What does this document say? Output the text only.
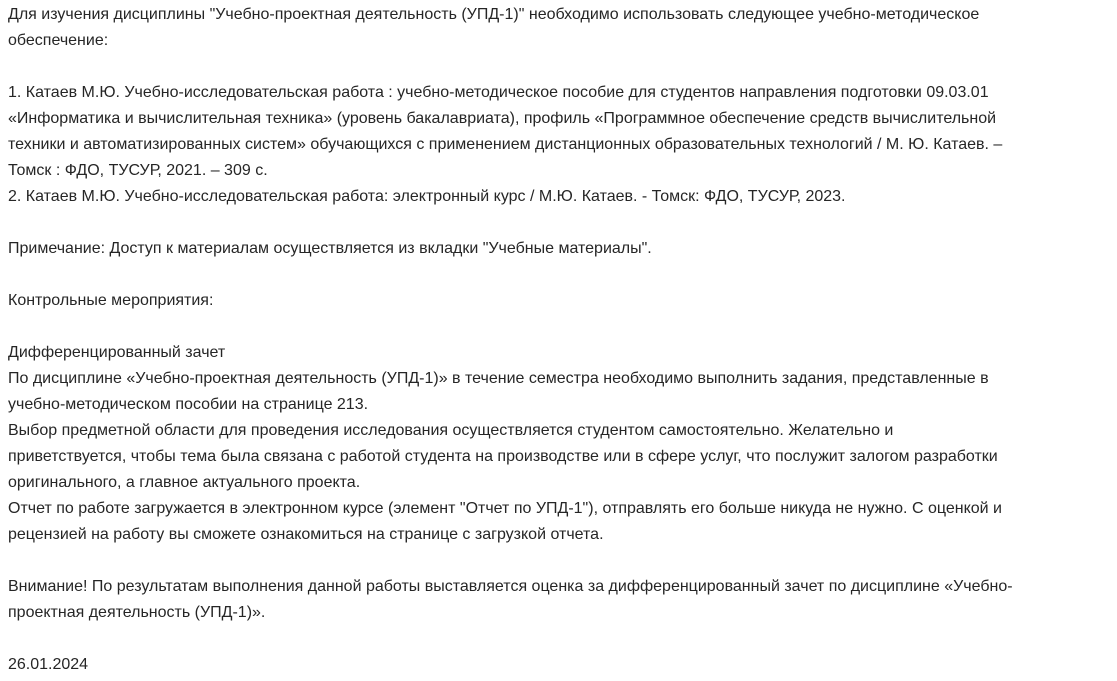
Для изучения дисциплины "Учебно-проектная деятельность (УПД-1)" необходимо использовать следующее учебно-методическое

обеспечение:

1. Катаев М.Ю. Учебно-исследовательская работа : учебно-методическое пособие для студентов направления подготовки 09.03.01

«Информатика и вычислительная техника» (уровень бакалавриата), профиль «Программное обеспечение средств вычислительной

техники и автоматизированных систем» обучающихся с применением дистанционных образовательных технологий / М. Ю. Катаев. –

Томск : ФДО, ТУСУР, 2021. – 309 с.

2. Катаев М.Ю. Учебно-исследовательская работа: электронный курс / М.Ю. Катаев. - Томск: ФДО, ТУСУР, 2023.

Примечание: Доступ к материалам осуществляется из вкладки "Учебные материалы".

Контрольные мероприятия:

Дифференцированный зачет

По дисциплине «Учебно-проектная деятельность (УПД-1)» в течение семестра необходимо выполнить задания, представленные в

учебно-методическом пособии на странице 213.

Выбор предметной области для проведения исследования осуществляется студентом самостоятельно. Желательно и

приветствуется, чтобы тема была связана с работой студента на производстве или в сфере услуг, что послужит залогом разработки

оригинального, а главное актуального проекта.

Отчет по работе загружается в электронном курсе (элемент "Отчет по УПД-1"), отправлять его больше никуда не нужно. С оценкой и

рецензией на работу вы сможете ознакомиться на странице с загрузкой отчета.

Внимание! По результатам выполнения данной работы выставляется оценка за дифференцированный зачет по дисциплине «Учебно-

проектная деятельность (УПД-1)».

26.01.2024
